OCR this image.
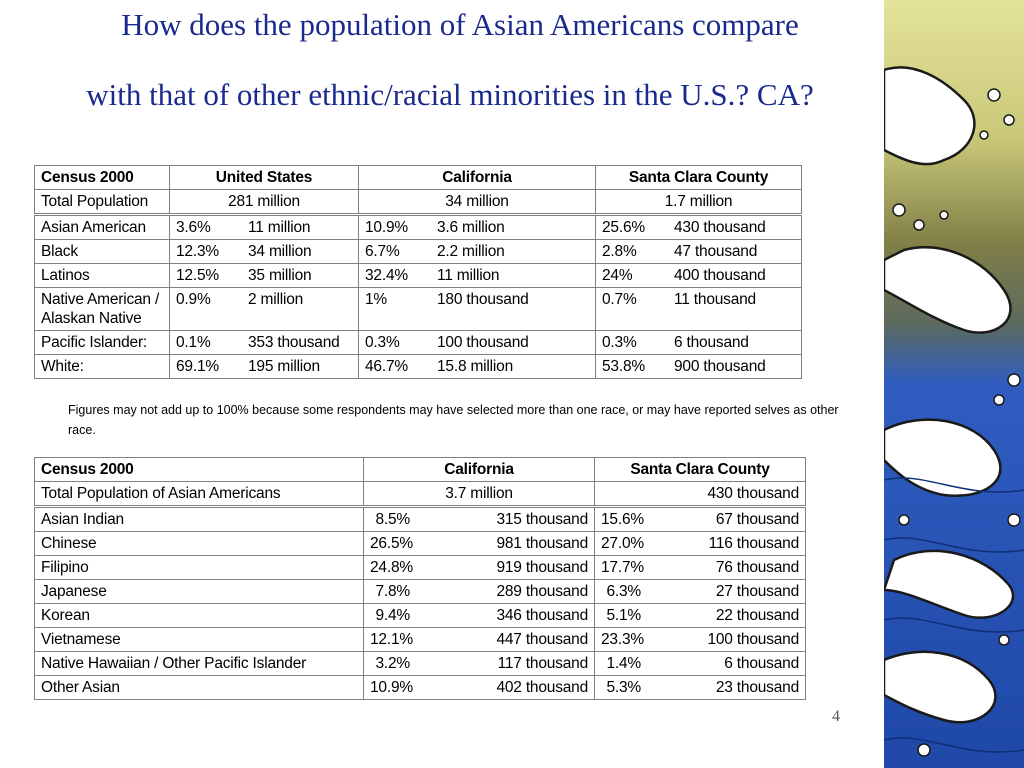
How does the population of Asian Americans compare
with that of other ethnic/racial minorities in the U.S.? CA?
Census 2000	United States	California	Santa Clara County
Total Population	281 million	34 million	1.7 million
Asian American	3.6% 11 million	10.9% 3.6 million	25.6% 430 thousand

Black	12.3% 34 million	6.7% 2.2 million	2.8% 47 thousand

Latinos	12.5% 35 million	32.4% 11 million	24% 400 thousand

Native American / Alaskan Native	0.9% 2 million	1% 180 thousand	0.7% 11 thousand

Pacific Islander:	0.1% 353 thousand	0.3% 100 thousand	0.3% 6 thousand

White:	69.1% 195 million	46.7% 15.8 million	53.8% 900 thousand
Figures may not add up to 100% because some respondents may have selected more than one race, or may have reported selves as other race.
Census 2000	California	Santa Clara County
Total Population of Asian Americans	3.7 million	430 thousand
Asian Indian	8.5% 315 thousand	15.6% 67 thousand

Chinese	26.5% 981 thousand	27.0% 116 thousand

Filipino	24.8% 919 thousand	17.7% 76 thousand

Japanese	7.8% 289 thousand	6.3% 27 thousand

Korean	9.4% 346 thousand	5.1% 22 thousand

Vietnamese	12.1% 447 thousand	23.3% 100 thousand

Native Hawaiian / Other Pacific Islander	3.2% 117 thousand	1.4% 6 thousand

Other Asian	10.9% 402 thousand	5.3% 23 thousand
4
